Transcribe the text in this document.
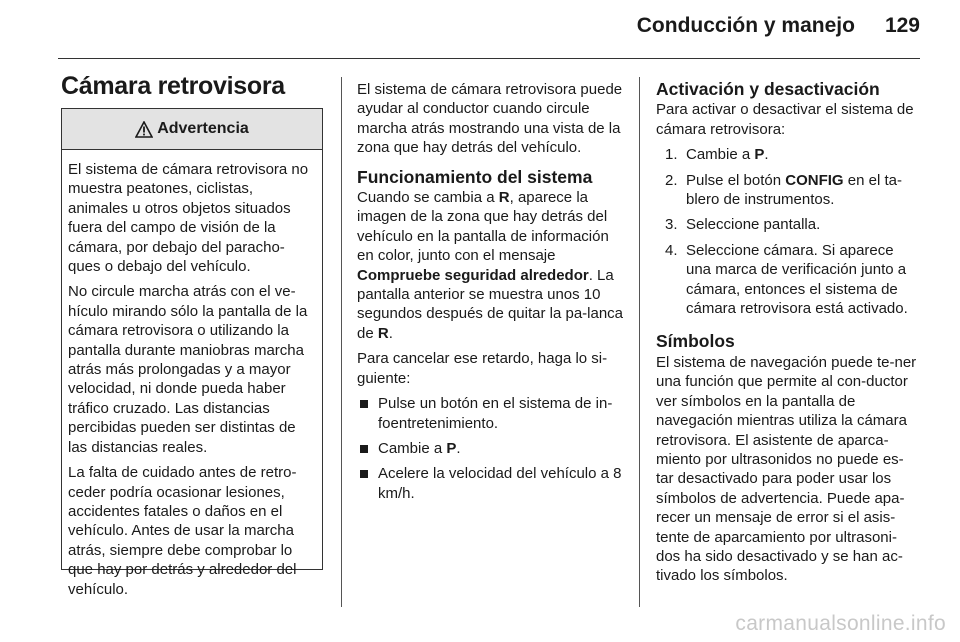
Conducción y manejo 129
Cámara retrovisora
Advertencia

El sistema de cámara retrovisora no muestra peatones, ciclistas, animales u otros objetos situados fuera del campo de visión de la cámara, por debajo del paracho-ques o debajo del vehículo.

No circule marcha atrás con el ve-hículo mirando sólo la pantalla de la cámara retrovisora o utilizando la pantalla durante maniobras marcha atrás más prolongadas y a mayor velocidad, ni donde pueda haber tráfico cruzado. Las distancias percibidas pueden ser distintas de las distancias reales.

La falta de cuidado antes de retro-ceder podría ocasionar lesiones, accidentes fatales o daños en el vehículo. Antes de usar la marcha atrás, siempre debe comprobar lo que hay por detrás y alrededor del vehículo.

El sistema de cámara retrovisora puede ayudar al conductor cuando circule marcha atrás mostrando una vista de la zona que hay detrás del vehículo.

Funcionamiento del sistema

Cuando se cambia a R, aparece la imagen de la zona que hay detrás del vehículo en la pantalla de información en color, junto con el mensaje Compruebe seguridad alrededor. La pantalla anterior se muestra unos 10 segundos después de quitar la pa-lanca de R.

Para cancelar ese retardo, haga lo si-guiente:

Pulse un botón en el sistema de in-foentretenimiento.
Cambie a P.
Acelere la velocidad del vehículo a 8 km/h.

Activación y desactivación

Para activar o desactivar el sistema de cámara retrovisora:

1. Cambie a P.
2. Pulse el botón CONFIG en el ta-blero de instrumentos.
3. Seleccione pantalla.
4. Seleccione cámara. Si aparece una marca de verificación junto a cámara, entonces el sistema de cámara retrovisora está activado.

Símbolos

El sistema de navegación puede te-ner una función que permite al con-ductor ver símbolos en la pantalla de navegación mientras utiliza la cámara retrovisora. El asistente de aparca-miento por ultrasonidos no puede es-tar desactivado para poder usar los símbolos de advertencia. Puede apa-recer un mensaje de error si el asis-tente de aparcamiento por ultrasoni-dos ha sido desactivado y se han ac-tivado los símbolos.

carmanualsonline.info
